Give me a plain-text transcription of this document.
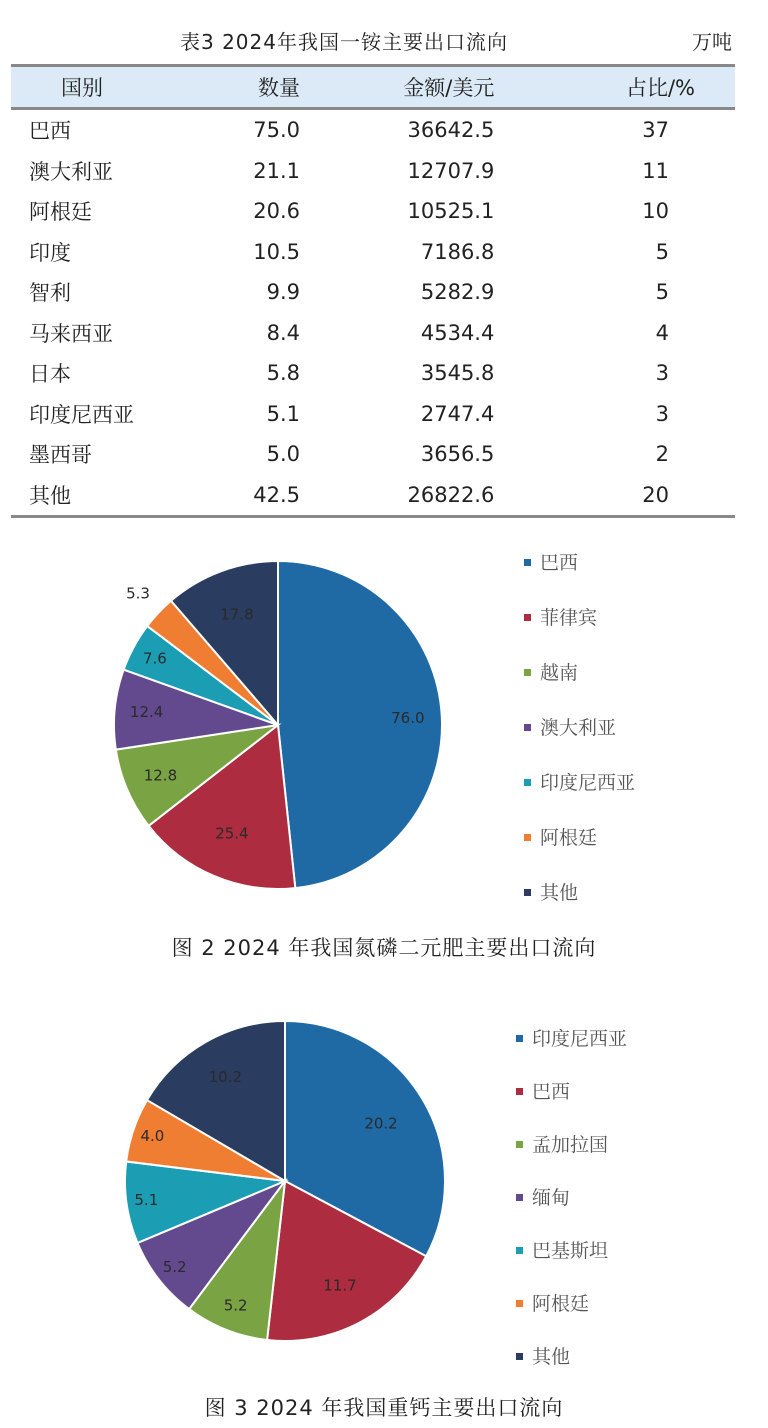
表3 2024年我国一铵主要出口流向	万吨
国别	数量	金额/美元	占比/%
巴西	75.0	36642.5	37
澳大利亚	21.1	12707.9	11
阿根廷	20.6	10525.1	10
印度	10.5	7186.8	5
智利	9.9	5282.9	5
马来西亚	8.4	4534.4	4
日本	5.8	3545.8	3
印度尼西亚	5.1	2747.4	3
墨西哥	5.0	3656.5	2
其他	42.5	26822.6	20
76.0
25.4
12.8
12.4
7.6
5.3
17.8
巴西
菲律宾
越南
澳大利亚
印度尼西亚
阿根廷
其他
图 2 2024 年我国氮磷二元肥主要出口流向
20.2
11.7
5.2
5.2
5.1
4.0
10.2
印度尼西亚
巴西
孟加拉国
缅甸
巴基斯坦
阿根廷
其他
图 3 2024 年我国重钙主要出口流向
